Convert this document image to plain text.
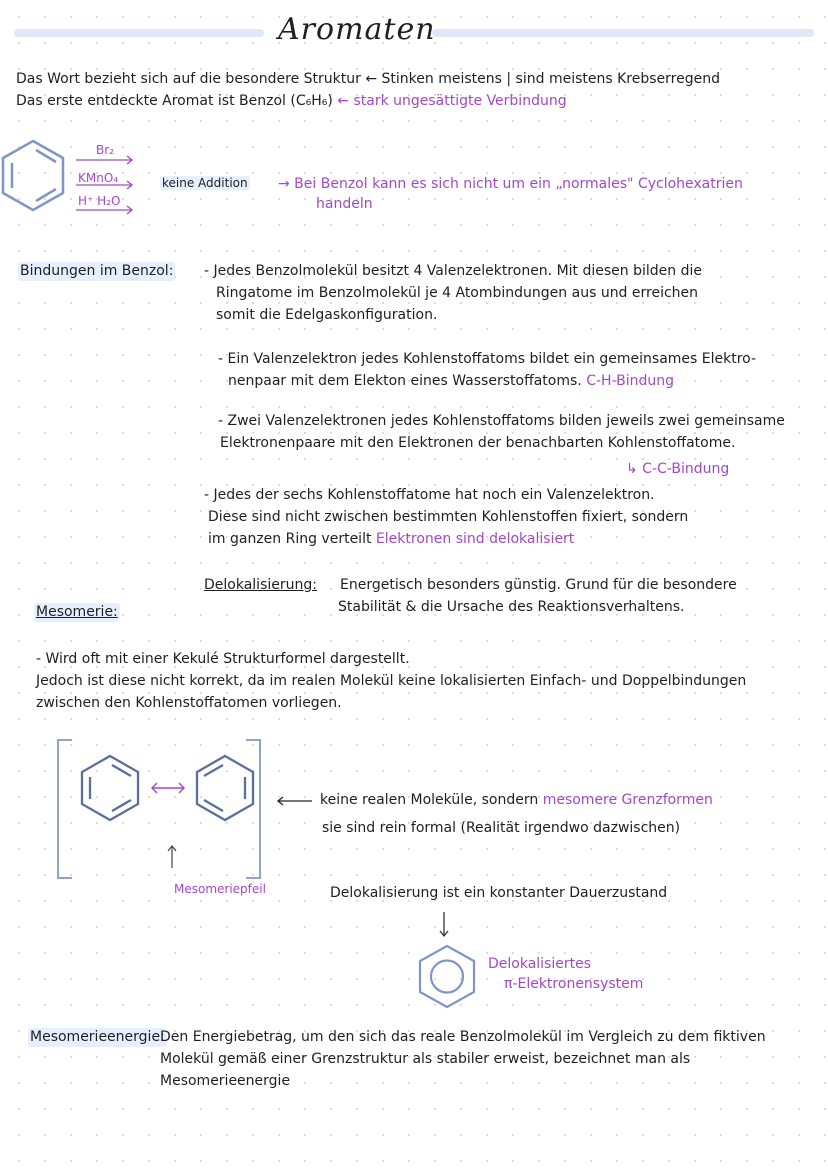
Aromaten
Das Wort bezieht sich auf die besondere Struktur ← Stinken meistens | sind meistens Krebserregend
Das erste entdeckte Aromat ist Benzol (C₆H₆) ← stark ungesättigte Verbindung
Br₂
KMnO₄
H⁺ H₂O
keine Addition → Bei Benzol kann es sich nicht um ein „normales" Cyclohexatrien
handeln
Bindungen im Benzol: - Jedes Benzolmolekül besitzt 4 Valenzelektronen. Mit diesen bilden die
Ringatome im Benzolmolekül je 4 Atombindungen aus und erreichen
somit die Edelgaskonfiguration.
- Ein Valenzelektron jedes Kohlenstoffatoms bildet ein gemeinsames Elektro-
nenpaar mit dem Elekton eines Wasserstoffatoms. C-H-Bindung
- Zwei Valenzelektronen jedes Kohlenstoffatoms bilden jeweils zwei gemeinsame
Elektronenpaare mit den Elektronen der benachbarten Kohlenstoffatome.
↳ C-C-Bindung
- Jedes der sechs Kohlenstoffatome hat noch ein Valenzelektron.
Diese sind nicht zwischen bestimmten Kohlenstoffen fixiert, sondern
im ganzen Ring verteilt Elektronen sind delokalisiert
Delokalisierung: Energetisch besonders günstig. Grund für die besondere
Stabilität & die Ursache des Reaktionsverhaltens.
Mesomerie:
- Wird oft mit einer Kekulé Strukturformel dargestellt.
Jedoch ist diese nicht korrekt, da im realen Molekül keine lokalisierten Einfach- und Doppelbindungen
zwischen den Kohlenstoffatomen vorliegen.
Mesomeriepfeil
keine realen Moleküle, sondern mesomere Grenzformen
sie sind rein formal (Realität irgendwo dazwischen)
Delokalisierung ist ein konstanter Dauerzustand
Delokalisiertes
π-Elektronensystem
Mesomerieenergie:
Den Energiebetrag, um den sich das reale Benzolmolekül im Vergleich zu dem fiktiven
Molekül gemäß einer Grenzstruktur als stabiler erweist, bezeichnet man als
Mesomerieenergie
